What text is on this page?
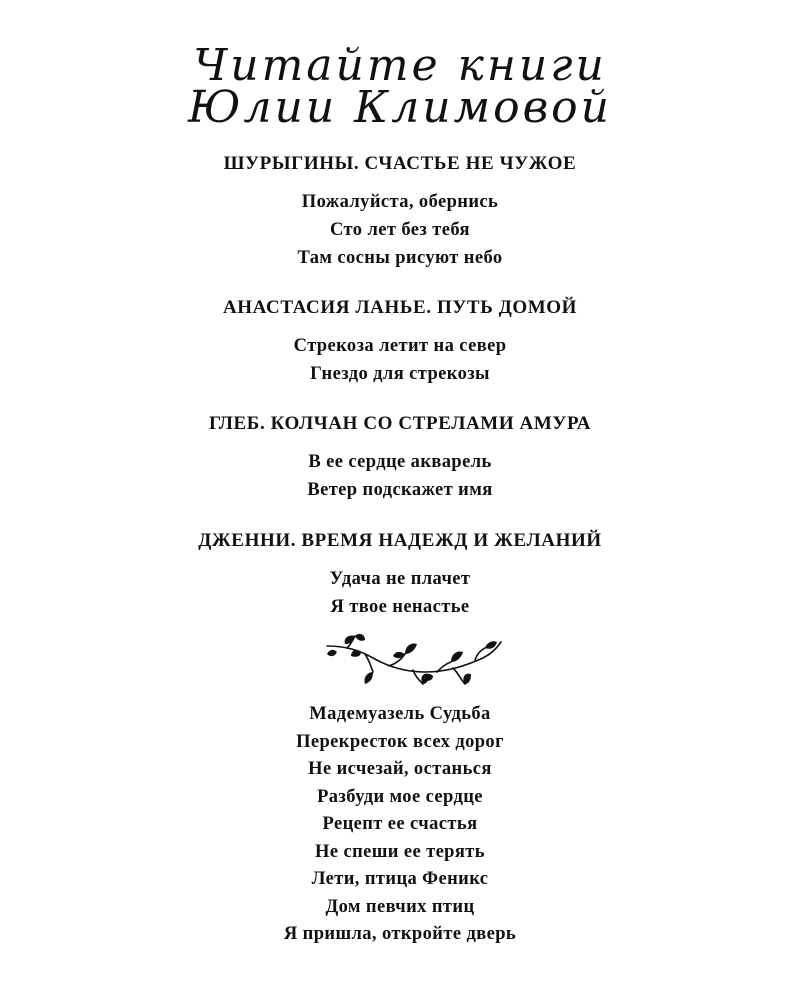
Читайте книги
Юлии Климовой
ШУРЫГИНЫ. СЧАСТЬЕ НЕ ЧУЖОЕ
Пожалуйста, обернись
Сто лет без тебя
Там сосны рисуют небо
АНАСТАСИЯ ЛАНЬЕ. ПУТЬ ДОМОЙ
Стрекоза летит на север
Гнездо для стрекозы
ГЛЕБ. КОЛЧАН СО СТРЕЛАМИ АМУРА
В ее сердце акварель
Ветер подскажет имя
ДЖЕННИ. ВРЕМЯ НАДЕЖД И ЖЕЛАНИЙ
Удача не плачет
Я твое ненастье
Мадемуазель Судьба
Перекресток всех дорог
Не исчезай, останься
Разбуди мое сердце
Рецепт ее счастья
Не спеши ее терять
Лети, птица Феникс
Дом певчих птиц
Я пришла, откройте дверь
